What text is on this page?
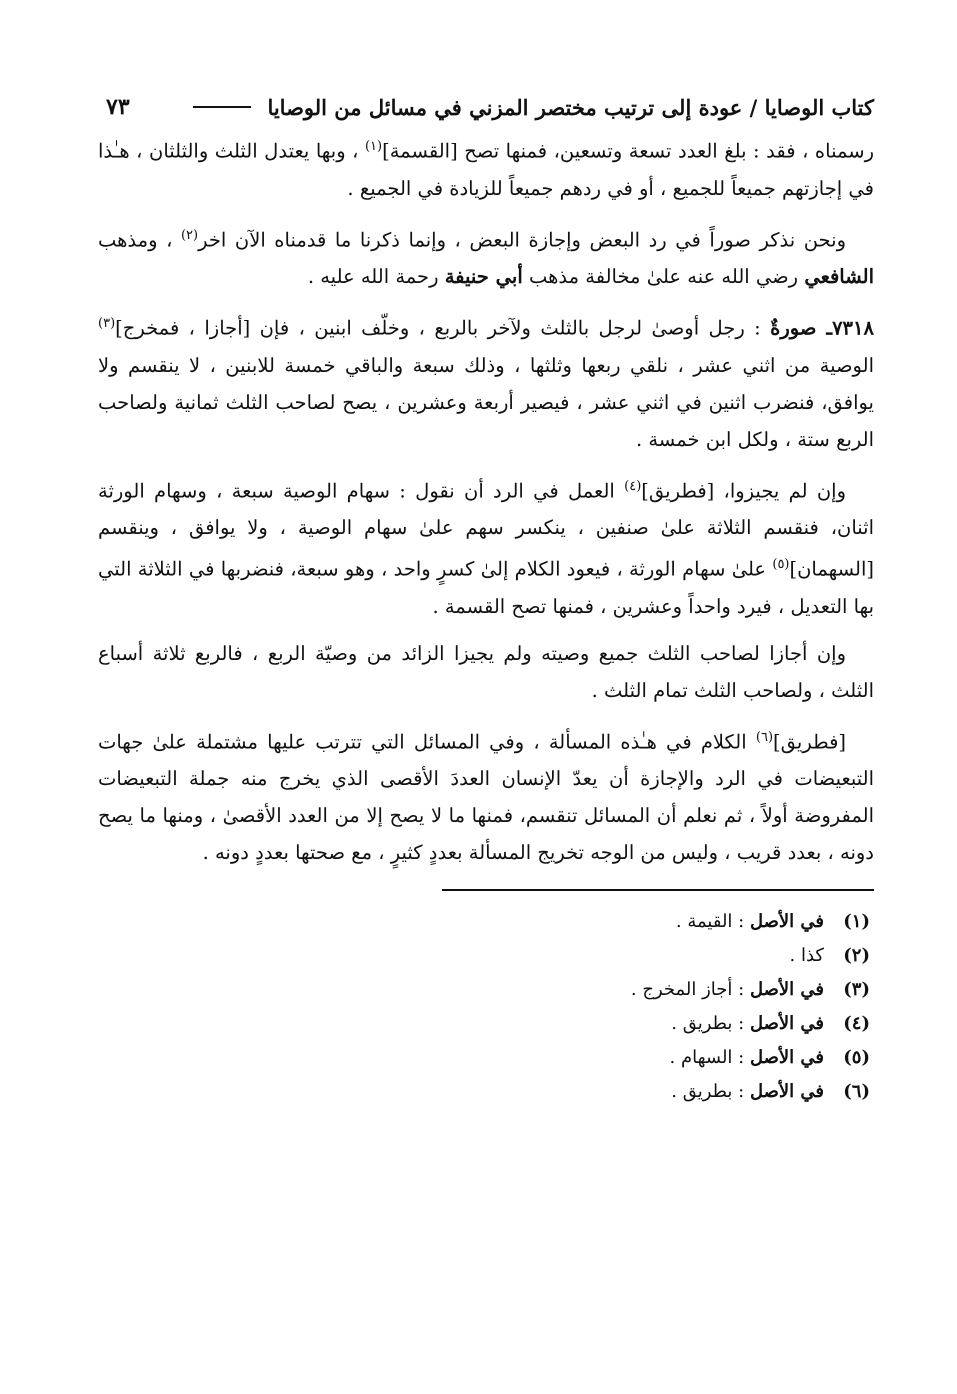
كتاب الوصايا / عودة إلى ترتيب مختصر المزني في مسائل من الوصايا
٧٣

رسمناه ، فقد : بلغ العدد تسعة وتسعين، فمنها تصح [القسمة]$^{(١)}$ ، وبها يعتدل الثلث والثلثان ، هـٰذا في إجازتهم جميعاً للجميع ، أو في ردهم جميعاً للزيادة في الجميع .

ونحن نذكر صوراً في رد البعض وإجازة البعض ، وإنما ذكرنا ما قدمناه الآن اخر$^{(٢)}$ ، ومذهب الشافعي رضي الله عنه علىٰ مخالفة مذهب أبي حنيفة رحمة الله عليه .

٧٣١٨ـ صورةٌ : رجل أوصىٰ لرجل بالثلث ولآخر بالربع ، وخلّف ابنين ، فإن [أجازا ، فمخرج]$^{(٣)}$ الوصية من اثني عشر ، نلقي ربعها وثلثها ، وذلك سبعة والباقي خمسة للابنين ، لا ينقسم ولا يوافق، فنضرب اثنين في اثني عشر ، فيصير أربعة وعشرين ، يصح لصاحب الثلث ثمانية ولصاحب الربع ستة ، ولكل ابن خمسة .

وإن لم يجيزوا، [فطريق]$^{(٤)}$ العمل في الرد أن نقول : سهام الوصية سبعة ، وسهام الورثة اثنان، فنقسم الثلاثة علىٰ صنفين ، ينكسر سهم علىٰ سهام الوصية ، ولا يوافق ، وينقسم [السهمان]$^{(٥)}$ علىٰ سهام الورثة ، فيعود الكلام إلىٰ كسرٍ واحد ، وهو سبعة، فنضربها في الثلاثة التي بها التعديل ، فيرد واحداً وعشرين ، فمنها تصح القسمة .

وإن أجازا لصاحب الثلث جميع وصيته ولم يجيزا الزائد من وصيّة الربع ، فالربع ثلاثة أسباع الثلث ، ولصاحب الثلث تمام الثلث .

[فطريق]$^{(٦)}$ الكلام في هـٰذه المسألة ، وفي المسائل التي تترتب عليها مشتملة علىٰ جهات التبعيضات في الرد والإجازة أن يعدّ الإنسان العددَ الأقصى الذي يخرج منه جملة التبعيضات المفروضة أولاً ، ثم نعلم أن المسائل تنقسم، فمنها ما لا يصح إلا من العدد الأقصىٰ ، ومنها ما يصح دونه ، بعدد قريب ، وليس من الوجه تخريج المسألة بعددٍ كثيرٍ ، مع صحتها بعددٍ دونه .

(١)
في الأصل : القيمة .
(٢)
كذا .
(٣)
في الأصل : أجاز المخرج .
(٤)
في الأصل : بطريق .
(٥)
في الأصل : السهام .
(٦)
في الأصل : بطريق .
